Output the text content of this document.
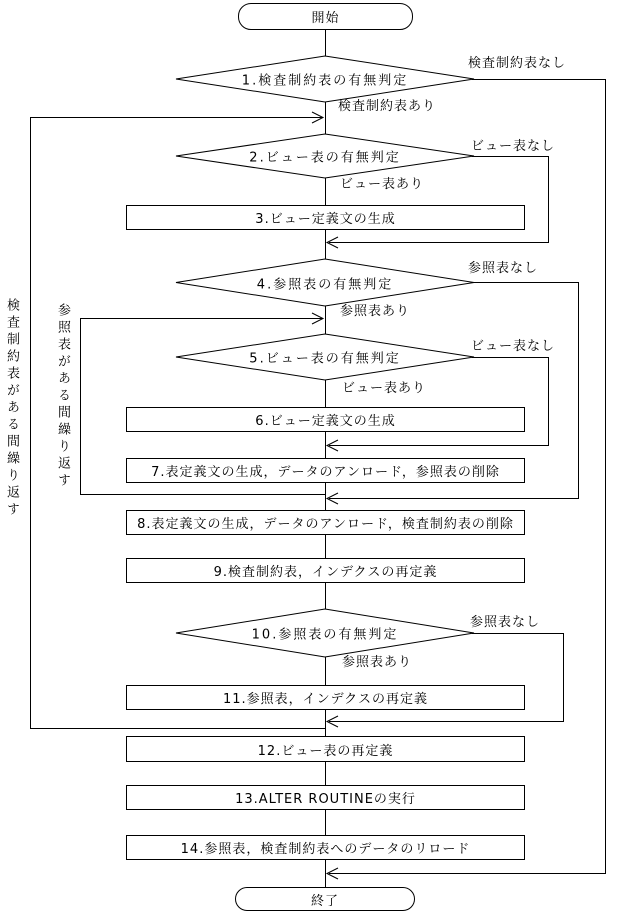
開始
1.検査制約表の有無判定
検査制約表なし
検査制約表あり
2.ビュー表の有無判定
ビュー表なし
ビュー表あり
3.ビュー定義文の生成
4.参照表の有無判定
参照表なし
参照表あり
5.ビュー表の有無判定
ビュー表なし
ビュー表あり
6.ビュー定義文の生成
7.表定義文の生成，データのアンロード，参照表の削除
8.表定義文の生成，データのアンロード，検査制約表の削除
9.検査制約表，インデクスの再定義
10.参照表の有無判定
参照表なし
参照表あり
11.参照表，インデクスの再定義
12.ビュー表の再定義
13.ALTER ROUTINEの実行
14.参照表，検査制約表へのデータのリロード
終了
検査制約表がある間繰り返す	参照表がある間繰り返す
